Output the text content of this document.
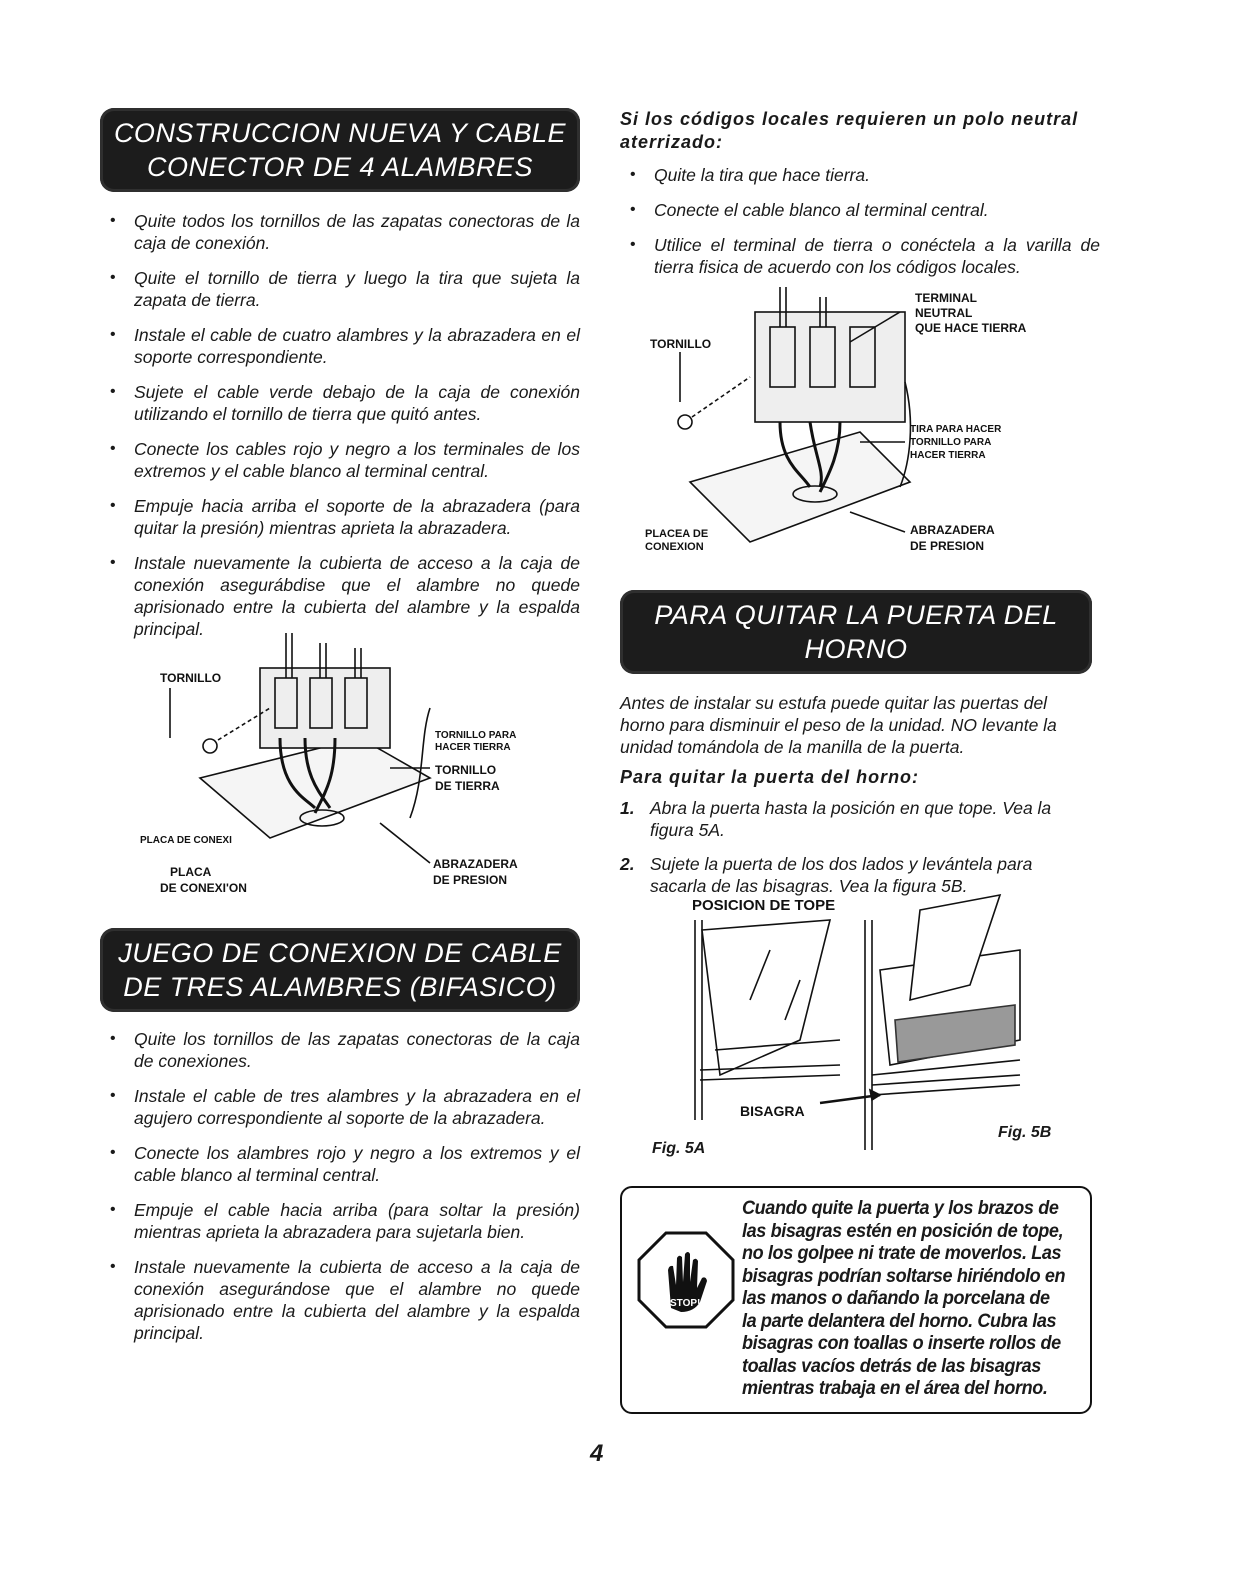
CONSTRUCCION NUEVA Y CABLE
CONECTOR DE 4 ALAMBRES
• Quite todos los tornillos de las zapatas conectoras de la caja de conexión.
• Quite el tornillo de tierra y luego la tira que sujeta la zapata de tierra.
• Instale el cable de cuatro alambres y la abrazadera en el soporte correspondiente.
• Sujete el cable verde debajo de la caja de conexión utilizando el tornillo de tierra que quitó antes.
• Conecte los cables rojo y negro a los terminales de los extremos y el cable blanco al terminal central.
• Empuje hacia arriba el soporte de la abrazadera (para quitar la presión) mientras aprieta la abrazadera.
• Instale nuevamente la cubierta de acceso a la caja de conexión asegurábdise que el alambre no quede aprisionado entre la cubierta del alambre y la espalda principal.
TORNILLO
TORNILLO PARA
HACER TIERRA
TORNILLO
DE TIERRA
PLACA DE CONEXI
PLACA
DE CONEXI'ON
ABRAZADERA
DE PRESION
JUEGO DE CONEXION DE CABLE
DE TRES ALAMBRES (BIFASICO)
• Quite los tornillos de las zapatas conectoras de la caja de conexiones.
• Instale el cable de tres alambres y la abrazadera en el agujero correspondiente al soporte de la abrazadera.
• Conecte los alambres rojo y negro a los extremos y el cable blanco al terminal central.
• Empuje el cable hacia arriba (para soltar la presión) mientras aprieta la abrazadera para sujetarla bien.
• Instale nuevamente la cubierta de acceso a la caja de conexión asegurándose que el alambre no quede aprisionado entre la cubierta del alambre y la espalda principal.
Si los códigos locales requieren un polo neutral aterrizado:
• Quite la tira que hace tierra.
• Conecte el cable blanco al terminal central.
• Utilice el terminal de tierra o conéctela a la varilla de tierra fisica de acuerdo con los códigos locales.
TERMINAL
NEUTRAL
QUE HACE TIERRA
TORNILLO
TIRA PARA HACER
TORNILLO PARA
HACER TIERRA
PLACEA DE
CONEXION
ABRAZADERA
DE PRESION
PARA QUITAR LA PUERTA DEL
HORNO
Antes de instalar su estufa puede quitar las puertas del horno para disminuir el peso de la unidad. NO levante la unidad tomándola de la manilla de la puerta.
Para quitar la puerta del horno:
1. Abra la puerta hasta la posición en que tope. Vea la figura 5A.
2. Sujete la puerta de los dos lados y levántela para sacarla de las bisagras. Vea la figura 5B.
POSICION DE TOPE
BISAGRA
Fig. 5A
Fig. 5B
STOP!
Cuando quite la puerta y los brazos de las bisagras estén en posición de tope, no los golpee ni trate de moverlos. Las bisagras podrían soltarse hiriéndolo en las manos o dañando la porcelana de la parte delantera del horno. Cubra las bisagras con toallas o inserte rollos de toallas vacíos detrás de las bisagras mientras trabaja en el área del horno.
4
